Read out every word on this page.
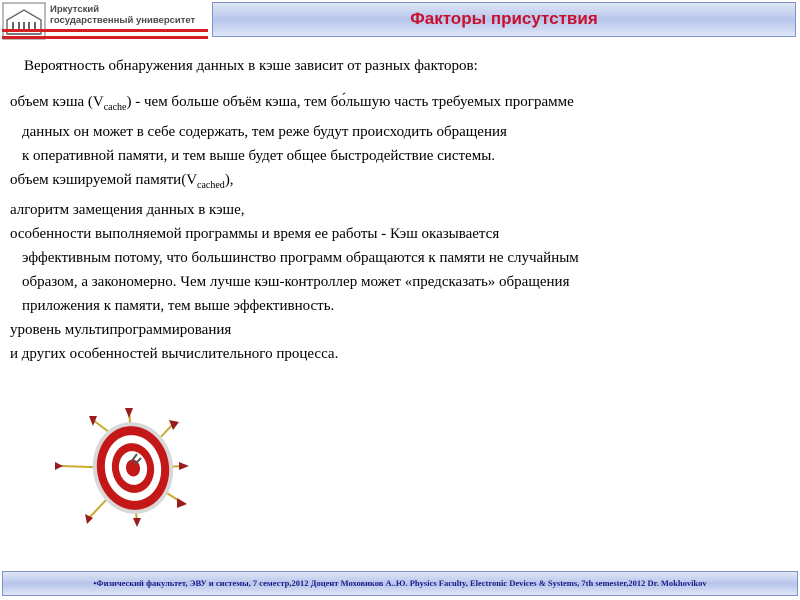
Иркутский
государственный университет	Факторы присутствия

Вероятность обнаружения данных в кэше зависит от разных факторов:

объем кэша $(V_{cache})$ - чем больше объём кэша, тем бо́льшую часть требуемых программе
данных он может в себе содержать, тем реже будут происходить обращения
к оперативной памяти, и тем выше будет общее быстродействие системы.
объем кэшируемой $памяти(V_{cached})$,
алгоритм замещения данных в кэше,
особенности выполняемой программы и время ее работы - Кэш оказывается
эффективным потому, что большинство программ обращаются к памяти не случайным
образом, а закономерно. Чем лучше кэш-контроллер может «предсказать» обращения
приложения к памяти, тем выше эффективность.
уровень мультипрограммирования
и других особенностей вычислительного процесса.
•Физический факультет, ЭВУ и системы, 7 семестр,2012 Доцент Моховиков А..Ю. Physics Faculty, Electronic Devices & Systems, 7th semester,2012 Dr. Mokhovikov
